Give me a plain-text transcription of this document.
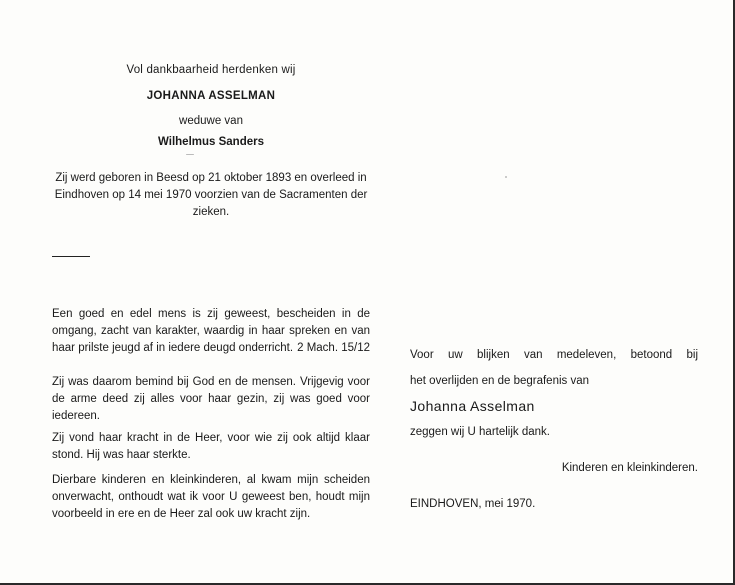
Vol dankbaarheid herdenken wij
JOHANNA ASSELMAN
weduwe van
Wilhelmus Sanders
Zij werd geboren in Beesd op 21 oktober 1893 en overleed in Eindhoven op 14 mei 1970 voorzien van de Sacramenten der zieken.
Een goed en edel mens is zij geweest, bescheiden in de omgang, zacht van karakter, waardig in haar spreken en van haar prilste jeugd af in iedere deugd onderricht. 2 Mach. 15/12
Zij was daarom bemind bij God en de mensen. Vrijgevig voor de arme deed zij alles voor haar gezin, zij was goed voor iedereen.
Zij vond haar kracht in de Heer, voor wie zij ook altijd klaar stond. Hij was haar sterkte.
Dierbare kinderen en kleinkinderen, al kwam mijn scheiden onverwacht, onthoudt wat ik voor U geweest ben, houdt mijn voorbeeld in ere en de Heer zal ook uw kracht zijn.
Voor uw blijken van medeleven, betoond bij
het overlijden en de begrafenis van
Johanna Asselman
zeggen wij U hartelijk dank.
Kinderen en kleinkinderen.
EINDHOVEN, mei 1970.
